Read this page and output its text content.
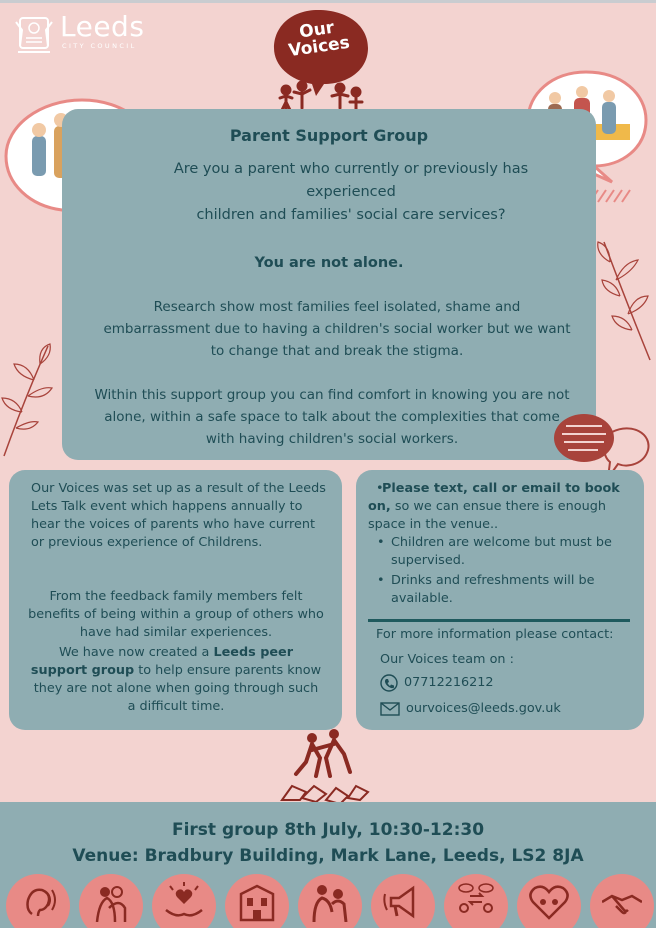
Leeds
CITY COUNCIL
Our Voices
Parent Support Group
Are you a parent who currently or previously has experienced
children and families' social care services?
You are not alone.
Research show most families feel isolated, shame and embarrassment due to having a children's social worker but we want to change that and break the stigma.
Within this support group you can find comfort in knowing you are not alone, within a safe space to talk about the complexities that come with having children's social workers.
Our Voices was set up as a result of the Leeds Lets Talk event which happens annually to hear the voices of parents who have current or previous experience of Childrens.
From the feedback family members felt benefits of being within a group of others who have had similar experiences.
We have now created a Leeds peer support group to help ensure parents know they are not alone when going through such a difficult time.
•Please text, call or email to book on, so we can ensue there is enough space in the venue..
• Children are welcome but must be supervised.
• Drinks and refreshments will be available.
For more information please contact:
Our Voices team on :
07712216212
ourvoices@leeds.gov.uk
First group 8th July, 10:30-12:30
Venue: Bradbury Building, Mark Lane, Leeds, LS2 8JA
